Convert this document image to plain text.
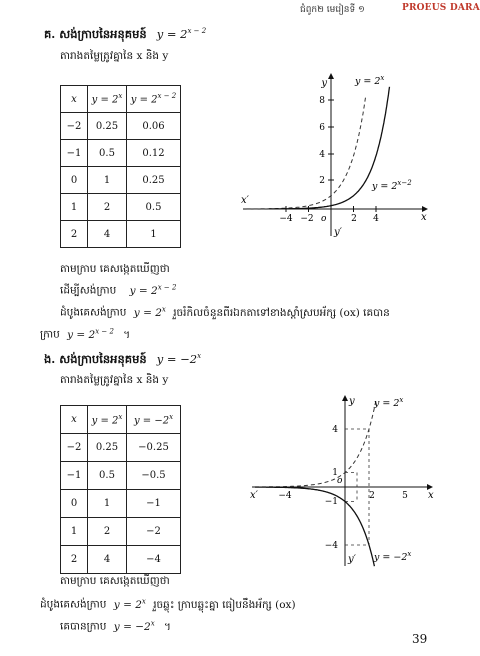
ជំពូក២ មេរៀនទី ១	PROEUS DARA
គ. សង់ក្រាបនៃអនុគមន៍ $y = 2^{x - 2}$
តារាងតម្លៃត្រូវគ្នានៃ x និង y
x	$y = 2^x$	$y = 2^{x - 2}$
−2	0.25	0.06
−1	0.5	0.12
0	1	0.25
1	2	0.5
2	4	1
y
x
x′
y′
o
−4 −2	2 4
2
4
6
8
$y = 2^x$
$y = 2^{x-2}$
តាមក្រាប គេសង្កេតឃើញថា
ដើម្បីសង់ក្រាប $y = 2^{x - 2}$
ដំបូងគេសង់ក្រាប $y = 2^x$ រួចរំកិលចំនួនពីរឯកតាទៅខាងស្តាំស្របអ័ក្ស (ox) គេបាន
ក្រាប $y = 2^{x - 2}$ ។
ង. សង់ក្រាបនៃអនុគមន៍ $y = -2^x$
តារាងតម្លៃត្រូវគ្នានៃ x និង y
x	$y = 2^x$	$y = -2^x$
−2	0.25	−0.25
−1	0.5	−0.5
0	1	−1
1	2	−2
2	4	−4
y
x
x′
y′
o
−4	2	5
4
1
−1
−4
$y = 2^x$
$y = -2^x$
តាមក្រាប គេសង្កេតឃើញថា
ដំបូងគេសង់ក្រាប $y = 2^x$ រួចឆ្លុះ ក្រាបឆ្លុះគ្នា ធៀបនឹងអ័ក្ស (ox)
គេបានក្រាប $y = -2^x$ ។
39
